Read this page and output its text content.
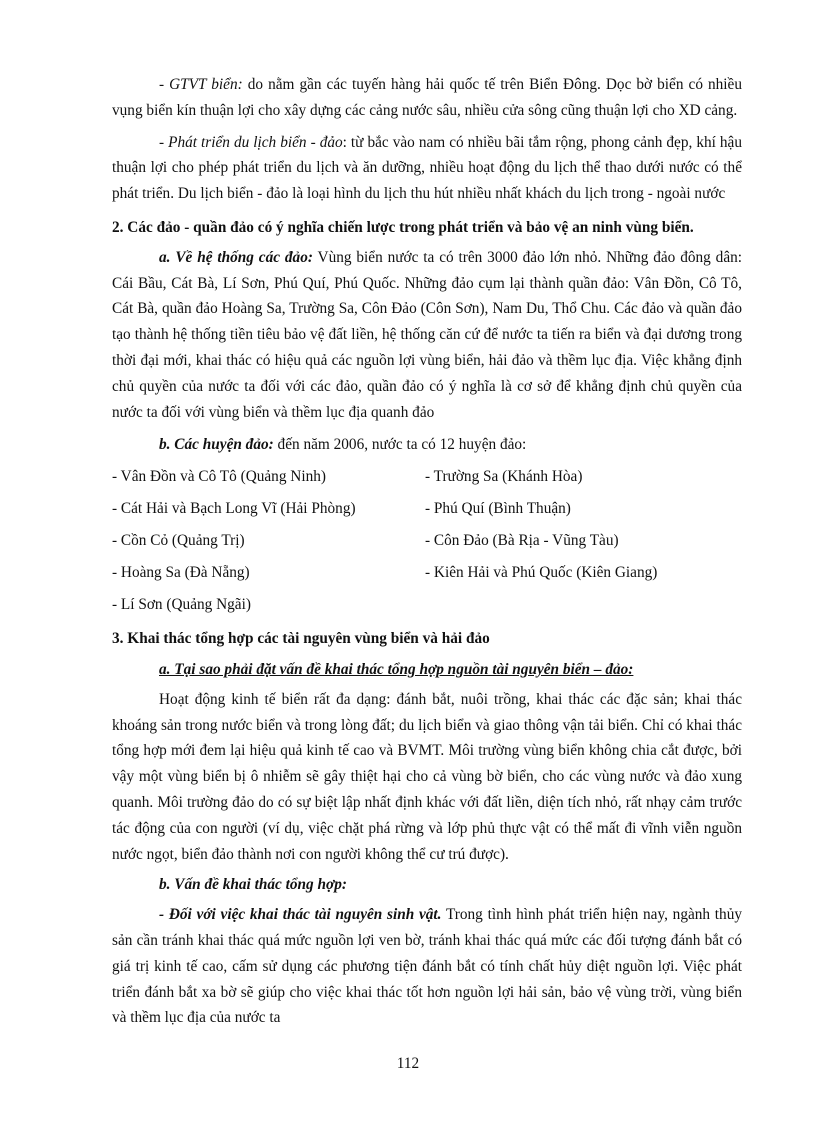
- GTVT biển: do nằm gần các tuyến hàng hải quốc tế trên Biển Đông. Dọc bờ biển có nhiều vụng biển kín thuận lợi cho xây dựng các cảng nước sâu, nhiều cửa sông cũng thuận lợi cho XD cảng.

- Phát triển du lịch biển - đảo: từ bắc vào nam có nhiều bãi tắm rộng, phong cảnh đẹp, khí hậu thuận lợi cho phép phát triển du lịch và ăn dưỡng, nhiều hoạt động du lịch thể thao dưới nước có thể phát triển. Du lịch biển - đảo là loại hình du lịch thu hút nhiều nhất khách du lịch trong - ngoài nước

2. Các đảo - quần đảo có ý nghĩa chiến lược trong phát triển và bảo vệ an ninh vùng biển.

a. Về hệ thống các đảo: Vùng biển nước ta có trên 3000 đảo lớn nhỏ. Những đảo đông dân: Cái Bầu, Cát Bà, Lí Sơn, Phú Quí, Phú Quốc. Những đảo cụm lại thành quần đảo: Vân Đồn, Cô Tô, Cát Bà, quần đảo Hoàng Sa, Trường Sa, Côn Đảo (Côn Sơn), Nam Du, Thổ Chu. Các đảo và quần đảo tạo thành hệ thống tiền tiêu bảo vệ đất liền, hệ thống căn cứ để nước ta tiến ra biển và đại dương trong thời đại mới, khai thác có hiệu quả các nguồn lợi vùng biển, hải đảo và thềm lục địa. Việc khẳng định chủ quyền của nước ta đối với các đảo, quần đảo có ý nghĩa là cơ sở để khẳng định chủ quyền của nước ta đối với vùng biển và thềm lục địa quanh đảo

b. Các huyện đảo: đến năm 2006, nước ta có 12 huyện đảo:

- Vân Đồn và Cô Tô (Quảng Ninh)	- Trường Sa (Khánh Hòa)
- Cát Hải và Bạch Long Vĩ (Hải Phòng)	- Phú Quí (Bình Thuận)
- Cồn Cỏ (Quảng Trị)	- Côn Đảo (Bà Rịa - Vũng Tàu)
- Hoàng Sa (Đà Nẵng)	- Kiên Hải và Phú Quốc (Kiên Giang)
- Lí Sơn (Quảng Ngãi)

3. Khai thác tổng hợp các tài nguyên vùng biển và hải đảo

a. Tại sao phải đặt vấn đề khai thác tổng hợp nguồn tài nguyên biển – đảo:

Hoạt động kinh tế biển rất đa dạng: đánh bắt, nuôi trồng, khai thác các đặc sản; khai thác khoáng sản trong nước biển và trong lòng đất; du lịch biển và giao thông vận tải biển. Chỉ có khai thác tổng hợp mới đem lại hiệu quả kinh tế cao và BVMT. Môi trường vùng biển không chia cắt được, bởi vậy một vùng biển bị ô nhiễm sẽ gây thiệt hại cho cả vùng bờ biển, cho các vùng nước và đảo xung quanh. Môi trường đảo do có sự biệt lập nhất định khác với đất liền, diện tích nhỏ, rất nhạy cảm trước tác động của con người (ví dụ, việc chặt phá rừng và lớp phủ thực vật có thể mất đi vĩnh viễn nguồn nước ngọt, biển đảo thành nơi con người không thể cư trú được).

b. Vấn đề khai thác tổng hợp:

- Đối với việc khai thác tài nguyên sinh vật. Trong tình hình phát triển hiện nay, ngành thủy sản cần tránh khai thác quá mức nguồn lợi ven bờ, tránh khai thác quá mức các đối tượng đánh bắt có giá trị kinh tế cao, cấm sử dụng các phương tiện đánh bắt có tính chất hủy diệt nguồn lợi. Việc phát triển đánh bắt xa bờ sẽ giúp cho việc khai thác tốt hơn nguồn lợi hải sản, bảo vệ vùng trời, vùng biển và thềm lục địa của nước ta

112
